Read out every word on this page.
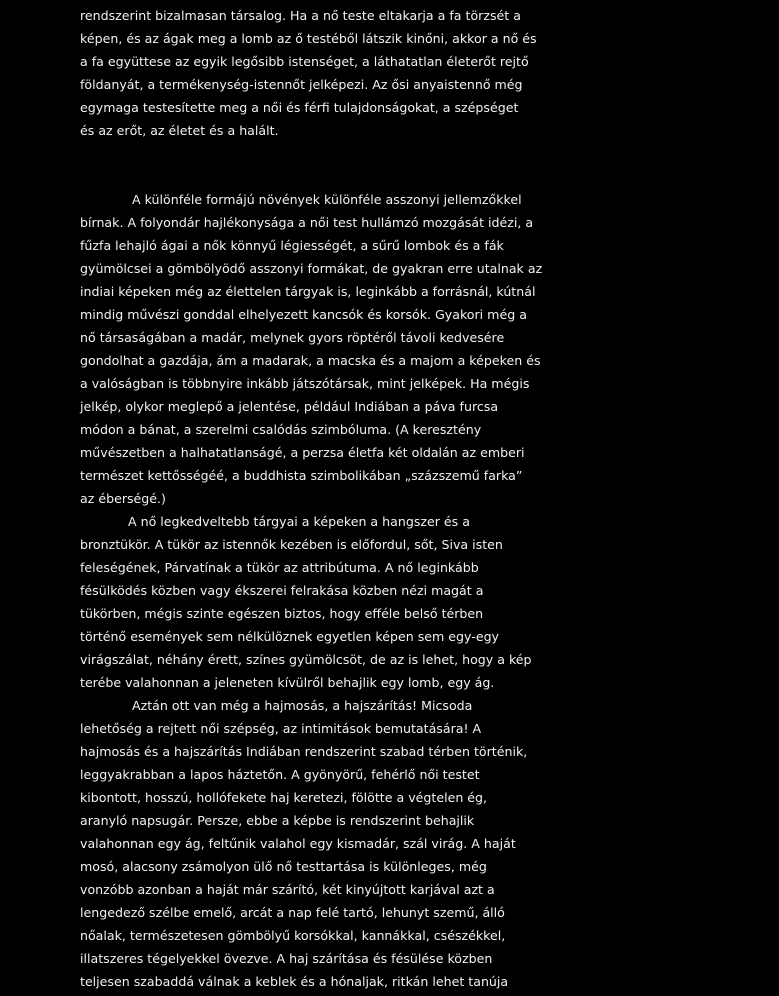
rendszerint bizalmasan társalog. Ha a nő teste eltakarja a fa törzsét a
képen, és az ágak meg a lomb az ő testéből látszik kinőni, akkor a nő és
a fa együttese az egyik legősibb istenséget, a láthatatlan életerőt rejtő
földanyát, a termékenység-istennőt jelképezi. Az ősi anyaistennő még
egymaga testesítette meg a női és férfi tulajdonságokat, a szépséget
és az erőt, az életet és a halált.
A különféle formájú növények különféle asszonyi jellemzőkkel
bírnak. A folyondár hajlékonysága a női test hullámzó mozgását idézi, a
fűzfa lehajló ágai a nők könnyű légiességét, a sűrű lombok és a fák
gyümölcsei a gömbölyödő asszonyi formákat, de gyakran erre utalnak az
indiai képeken még az élettelen tárgyak is, leginkább a forrásnál, kútnál
mindig művészi gonddal elhelyezett kancsók és korsók. Gyakori még a
nő társaságában a madár, melynek gyors röptéről távoli kedvesére
gondolhat a gazdája, ám a madarak, a macska és a majom a képeken és
a valóságban is többnyire inkább játszótársak, mint jelképek. Ha mégis
jelkép, olykor meglepő a jelentése, például Indiában a páva furcsa
módon a bánat, a szerelmi csalódás szimbóluma. (A keresztény
művészetben a halhatatlanságé, a perzsa életfa két oldalán az emberi
természet kettősségéé, a buddhista szimbolikában „százszemű farka”
az éberségé.)
A nő legkedveltebb tárgyai a képeken a hangszer és a
bronztükör. A tükör az istennők kezében is előfordul, sőt, Siva isten
feleségének, Párvatínak a tükör az attribútuma. A nő leginkább
fésülködés közben vagy ékszerei felrakása közben nézi magát a
tükörben, mégis szinte egészen biztos, hogy efféle belső térben
történő események sem nélkülöznek egyetlen képen sem egy-egy
virágszálat, néhány érett, színes gyümölcsöt, de az is lehet, hogy a kép
terébe valahonnan a jeleneten kívülről behajlik egy lomb, egy ág.
Aztán ott van még a hajmosás, a hajszárítás! Micsoda
lehetőség a rejtett női szépség, az intimitások bemutatására! A
hajmosás és a hajszárítás Indiában rendszerint szabad térben történik,
leggyakrabban a lapos háztetőn. A gyönyörű, fehérlő női testet
kibontott, hosszú, hollófekete haj keretezi, fölötte a végtelen ég,
aranyló napsugár. Persze, ebbe a képbe is rendszerint behajlik
valahonnan egy ág, feltűnik valahol egy kismadár, szál virág. A haját
mosó, alacsony zsámolyon ülő nő testtartása is különleges, még
vonzóbb azonban a haját már szárító, két kinyújtott karjával azt a
lengedező szélbe emelő, arcát a nap felé tartó, lehunyt szemű, álló
nőalak, természetesen gömbölyű korsókkal, kannákkal, csészékkel,
illatszeres tégelyekkel övezve. A haj szárítása és fésülése közben
teljesen szabaddá válnak a keblek és a hónaljak, ritkán lehet tanúja
